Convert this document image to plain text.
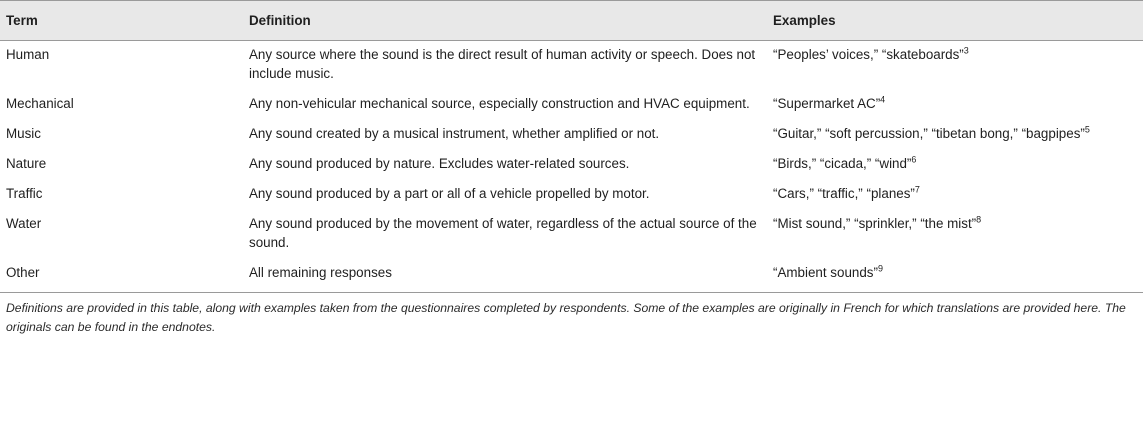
Term	Definition	Examples
Human	Any source where the sound is the direct result of human activity or speech. Does not include music.	“Peoples’ voices,” “skateboards”$^3$
Mechanical	Any non-vehicular mechanical source, especially construction and HVAC equipment.	“Supermarket AC”$^4$
Music	Any sound created by a musical instrument, whether amplified or not.	“Guitar,” “soft percussion,” “tibetan bong,” “bagpipes”$^5$
Nature	Any sound produced by nature. Excludes water-related sources.	“Birds,” “cicada,” “wind”$^6$
Traffic	Any sound produced by a part or all of a vehicle propelled by motor.	“Cars,” “traffic,” “planes”$^7$
Water	Any sound produced by the movement of water, regardless of the actual source of the sound.	“Mist sound,” “sprinkler,” “the mist”$^8$
Other	All remaining responses	“Ambient sounds”$^9$
Definitions are provided in this table, along with examples taken from the questionnaires completed by respondents. Some of the examples are originally in French for which translations are provided here. The originals can be found in the endnotes.
